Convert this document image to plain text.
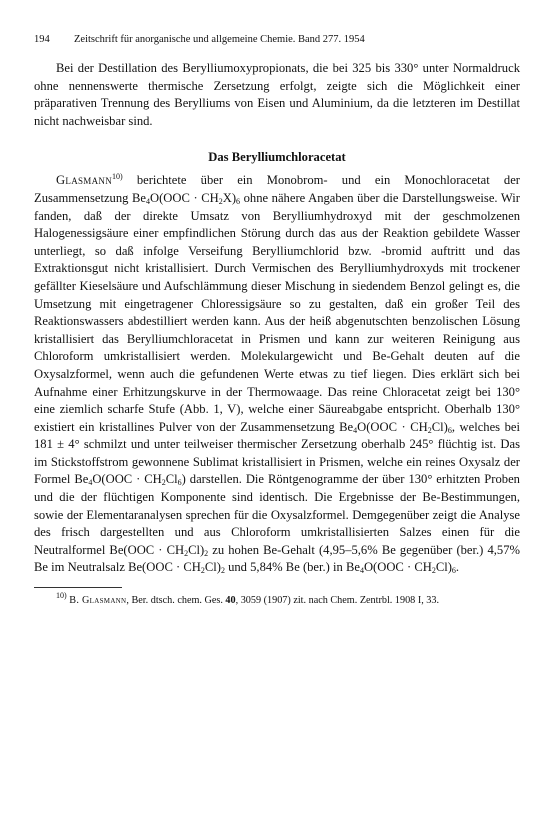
194	Zeitschrift für anorganische und allgemeine Chemie. Band 277. 1954

Bei der Destillation des Berylliumoxypropionats, die bei 325 bis 330° unter Normaldruck ohne nennenswerte thermische Zersetzung erfolgt, zeigte sich die Möglichkeit einer präparativen Trennung des Berylliums von Eisen und Aluminium, da die letzteren im Destillat nicht nachweisbar sind.

Das Berylliumchloracetat

Glasmann$^{10)}$ berichtete über ein Monobrom- und ein Monochloracetat der Zusammensetzung $Be_4O(OOC \cdot CH_2X)_6$ ohne nähere Angaben über die Darstellungsweise. Wir fanden, daß der direkte Umsatz von Berylliumhydroxyd mit der geschmolzenen Halogenessigsäure einer empfindlichen Störung durch das aus der Reaktion gebildete Wasser unterliegt, so daß infolge Verseifung Berylliumchlorid bzw. -bromid auftritt und das Extraktionsgut nicht kristallisiert. Durch Vermischen des Berylliumhydroxyds mit trockener gefällter Kieselsäure und Aufschlämmung dieser Mischung in siedendem Benzol gelingt es, die Umsetzung mit eingetragener Chloressigsäure so zu gestalten, daß ein großer Teil des Reaktionswassers abdestilliert werden kann. Aus der heiß abgenutschten benzolischen Lösung kristallisiert das Berylliumchloracetat in Prismen und kann zur weiteren Reinigung aus Chloroform umkristallisiert werden. Molekulargewicht und Be-Gehalt deuten auf die Oxysalzformel, wenn auch die gefundenen Werte etwas zu tief liegen. Dies erklärt sich bei Aufnahme einer Erhitzungskurve in der Thermowaage. Das reine Chloracetat zeigt bei 130° eine ziemlich scharfe Stufe (Abb. 1, V), welche einer Säureabgabe entspricht. Oberhalb 130° existiert ein kristallines Pulver von der Zusammensetzung $Be_4O(OOC \cdot CH_2Cl)_6$, welches bei 181 ± 4° schmilzt und unter teilweiser thermischer Zersetzung oberhalb 245° flüchtig ist. Das im Stickstoffstrom gewonnene Sublimat kristallisiert in Prismen, welche ein reines Oxysalz der Formel $Be_4O(OOC \cdot CH_2Cl_6)$ darstellen. Die Röntgenogramme der über 130° erhitzten Proben und die der flüchtigen Komponente sind identisch. Die Ergebnisse der Be-Bestimmungen, sowie der Elementaranalysen sprechen für die Oxysalzformel. Demgegenüber zeigt die Analyse des frisch dargestellten und aus Chloroform umkristallisierten Salzes einen für die Neutralformel $Be(OOC \cdot CH_2Cl)_2$ zu hohen Be-Gehalt (4,95–5,6% Be gegenüber (ber.) 4,57% Be im Neutralsalz $Be(OOC \cdot CH_2Cl)_2$ und 5,84% Be (ber.) in $Be_4O(OOC \cdot CH_2Cl)_6$.

$^{10)}$ B. Glasmann, Ber. dtsch. chem. Ges. 40, 3059 (1907) zit. nach Chem. Zentrbl. 1908 I, 33.
